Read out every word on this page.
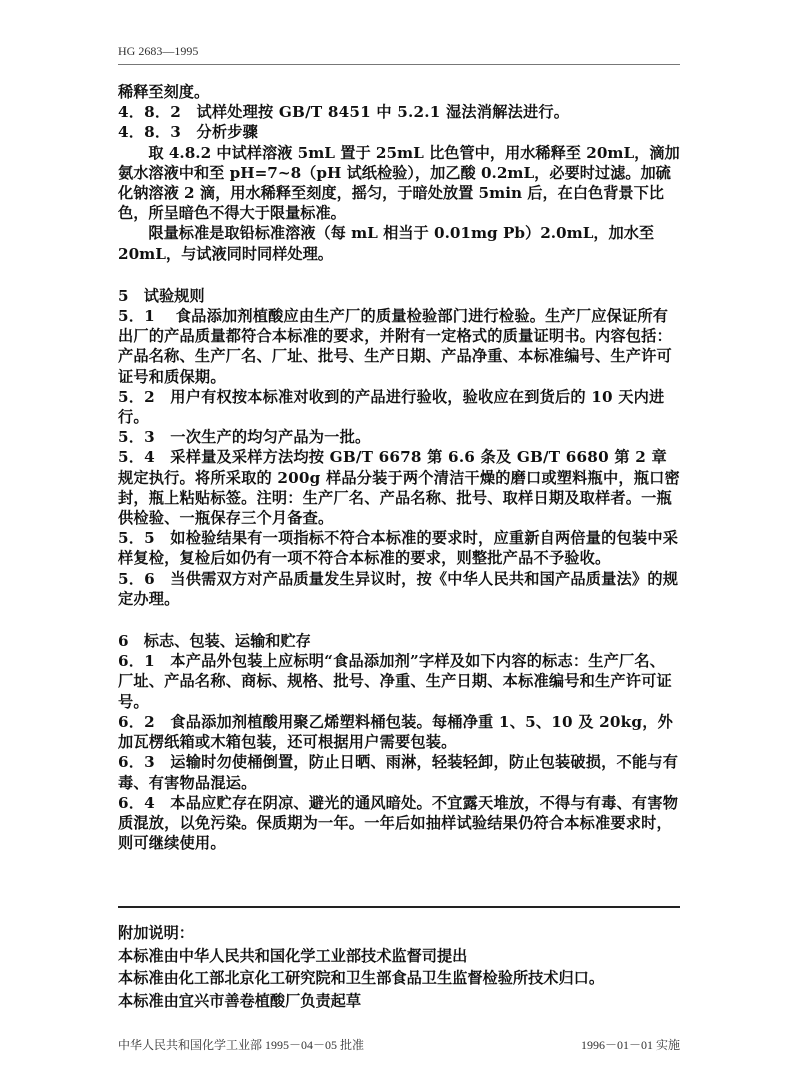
HG 2683—1995

稀释至刻度。

4．8．2　试样处理按 GB/T 8451 中 5.2.1 湿法消解法进行。

4．8．3　分析步骤

取 4.8.2 中试样溶液 5mL 置于 25mL 比色管中，用水稀释至 20mL，滴加氨水溶液中和至 pH=7~8（pH 试纸检验），加乙酸 0.2mL，必要时过滤。加硫化钠溶液 2 滴，用水稀释至刻度，摇匀，于暗处放置 5min 后，在白色背景下比色，所呈暗色不得大于限量标准。

限量标准是取铅标准溶液（每 mL 相当于 0.01mg Pb）2.0mL，加水至 20mL，与试液同时同样处理。

5　试验规则

5．1　 食品添加剂植酸应由生产厂的质量检验部门进行检验。生产厂应保证所有出厂的产品质量都符合本标准的要求，并附有一定格式的质量证明书。内容包括：产品名称、生产厂名、厂址、批号、生产日期、产品净重、本标准编号、生产许可证号和质保期。

5．2　用户有权按本标准对收到的产品进行验收，验收应在到货后的 10 天内进行。

5．3　一次生产的均匀产品为一批。

5．4　采样量及采样方法均按 GB/T 6678 第 6.6 条及 GB/T 6680 第 2 章规定执行。将所采取的 200g 样品分装于两个清洁干燥的磨口或塑料瓶中，瓶口密封，瓶上粘贴标签。注明：生产厂名、产品名称、批号、取样日期及取样者。一瓶供检验、一瓶保存三个月备查。

5．5　如检验结果有一项指标不符合本标准的要求时，应重新自两倍量的包装中采样复检，复检后如仍有一项不符合本标准的要求，则整批产品不予验收。

5．6　当供需双方对产品质量发生异议时，按《中华人民共和国产品质量法》的规定办理。

6　标志、包装、运输和贮存

6．1　本产品外包装上应标明“食品添加剂”字样及如下内容的标志：生产厂名、厂址、产品名称、商标、规格、批号、净重、生产日期、本标准编号和生产许可证号。

6．2　食品添加剂植酸用聚乙烯塑料桶包装。每桶净重 1、5、10 及 20kg，外加瓦楞纸箱或木箱包装，还可根据用户需要包装。

6．3　运输时勿使桶倒置，防止日晒、雨淋，轻装轻卸，防止包装破损，不能与有毒、有害物品混运。

6．4　本品应贮存在阴凉、避光的通风暗处。不宜露天堆放，不得与有毒、有害物质混放，以免污染。保质期为一年。一年后如抽样试验结果仍符合本标准要求时，则可继续使用。

附加说明：

本标准由中华人民共和国化学工业部技术监督司提出

本标准由化工部北京化工研究院和卫生部食品卫生监督检验所技术归口。

本标准由宜兴市善卷植酸厂负责起草

中华人民共和国化学工业部 1995－04－05 批准	1996－01－01 实施
